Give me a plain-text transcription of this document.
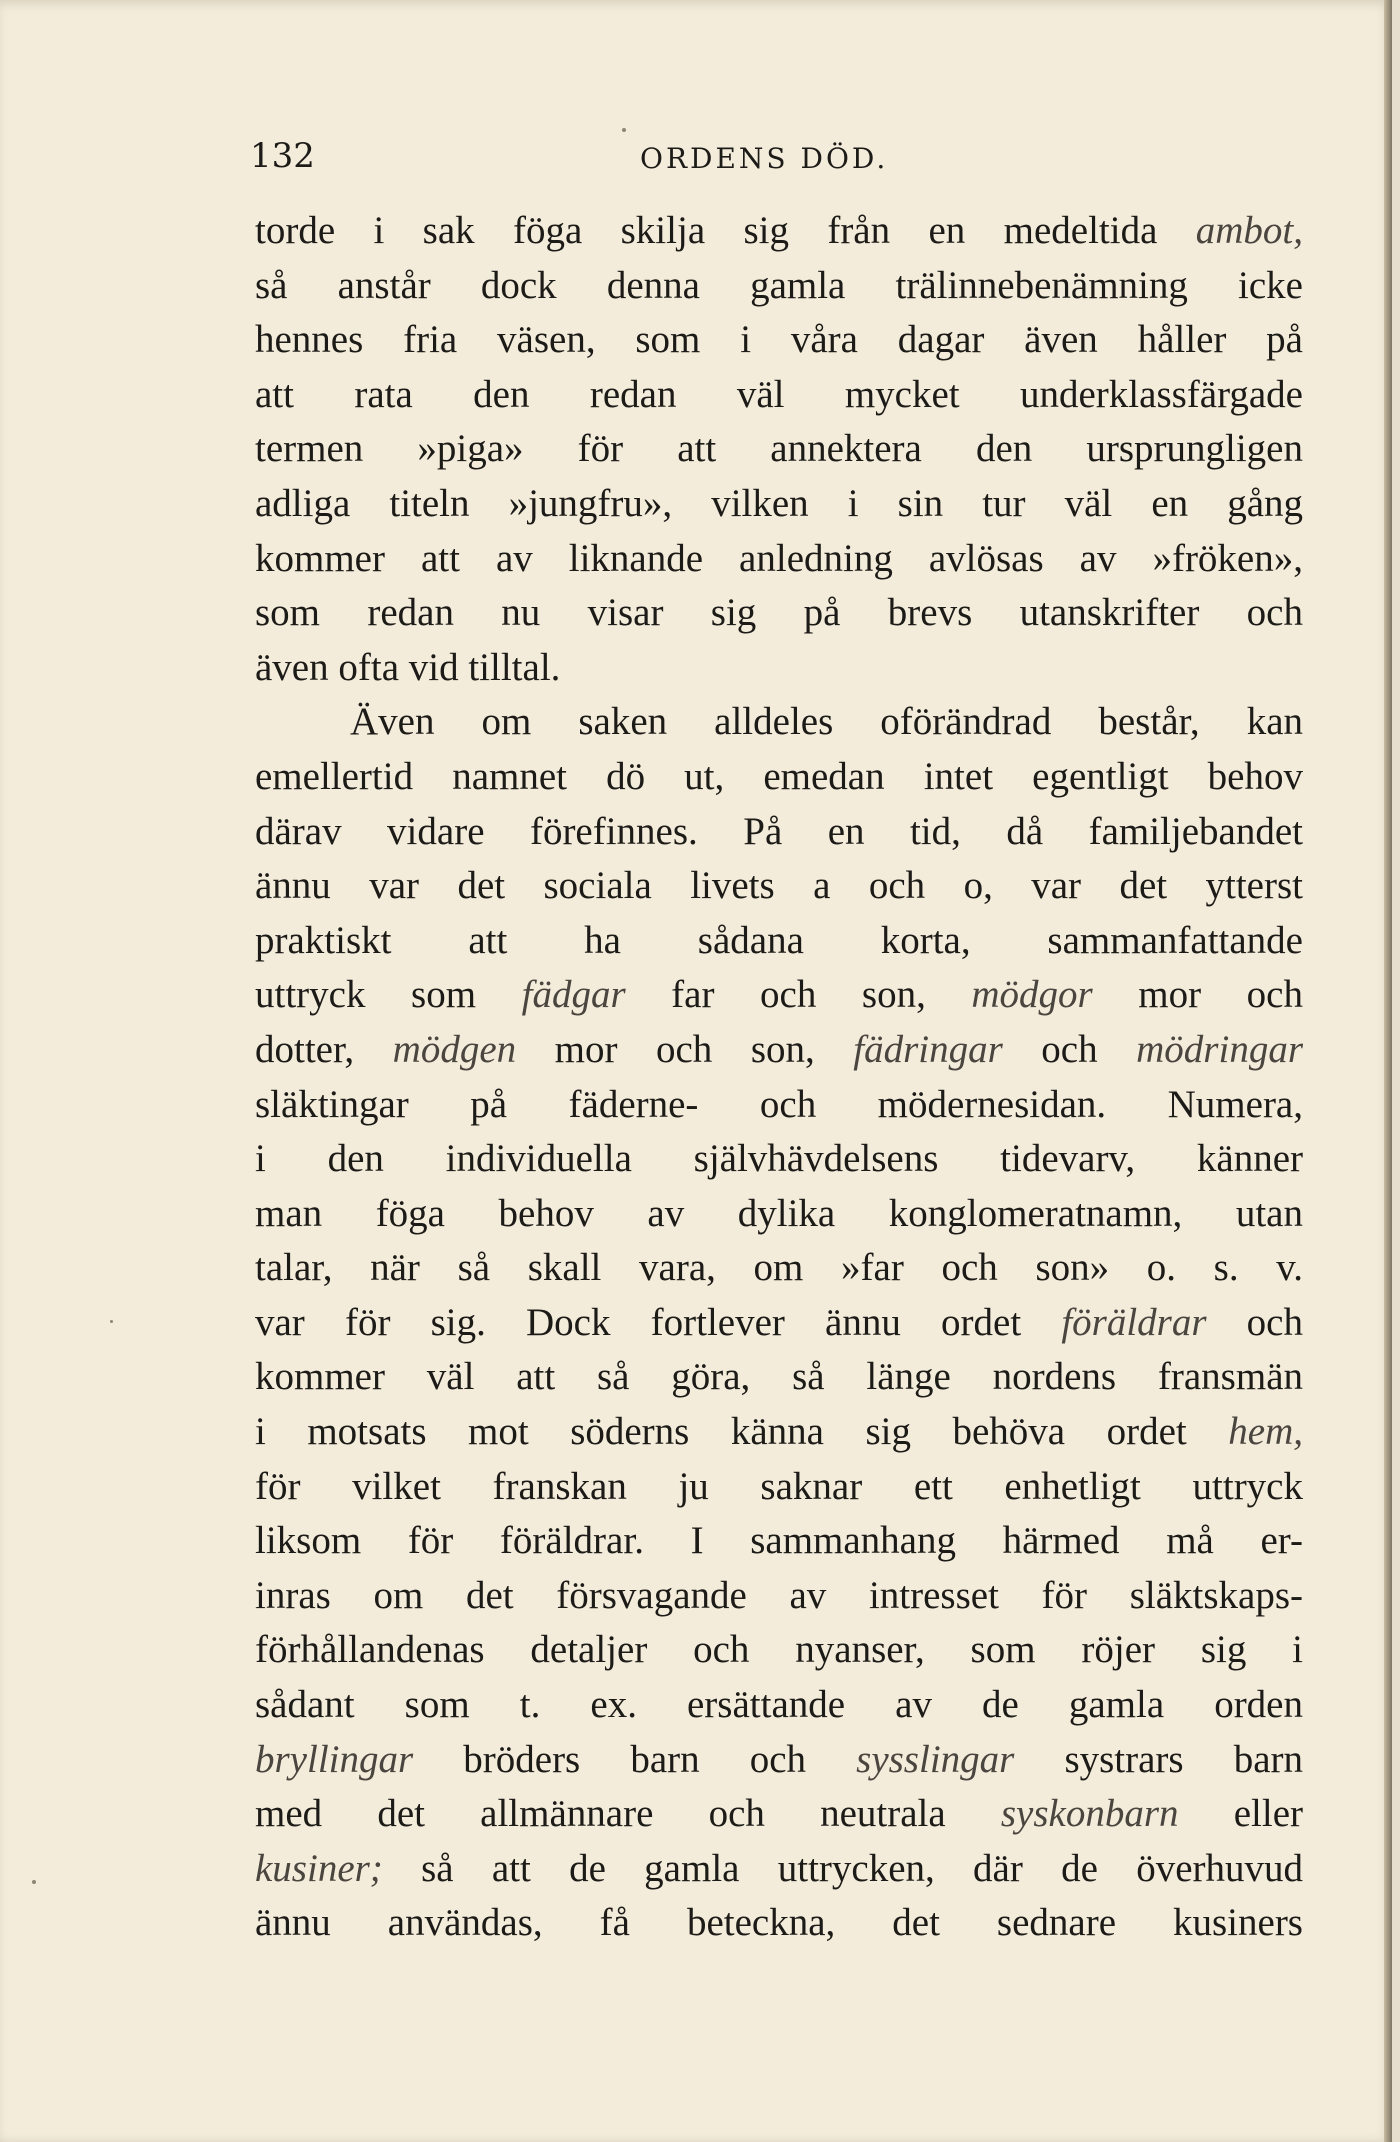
132	ORDENS DÖD.
torde i sak föga skilja sig från en medeltida ambot,
så anstår dock denna gamla trälinnebenämning icke
hennes fria väsen, som i våra dagar även håller på
att rata den redan väl mycket underklassfärgade
termen »piga» för att annektera den ursprungligen
adliga titeln »jungfru», vilken i sin tur väl en gång
kommer att av liknande anledning avlösas av »fröken»,
som redan nu visar sig på brevs utanskrifter och
även ofta vid tilltal.
Även om saken alldeles oförändrad består, kan
emellertid namnet dö ut, emedan intet egentligt behov
därav vidare förefinnes. På en tid, då familjebandet
ännu var det sociala livets a och o, var det ytterst
praktiskt att ha sådana korta, sammanfattande
uttryck som fädgar far och son, mödgor mor och
dotter, mödgen mor och son, fädringar och mödringar
släktingar på fäderne- och mödernesidan. Numera,
i den individuella självhävdelsens tidevarv, känner
man föga behov av dylika konglomeratnamn, utan
talar, när så skall vara, om »far och son» o. s. v.
var för sig. Dock fortlever ännu ordet föräldrar och
kommer väl att så göra, så länge nordens fransmän
i motsats mot söderns känna sig behöva ordet hem,
för vilket franskan ju saknar ett enhetligt uttryck
liksom för föräldrar. I sammanhang härmed må er-
inras om det försvagande av intresset för släktskaps-
förhållandenas detaljer och nyanser, som röjer sig i
sådant som t. ex. ersättande av de gamla orden
bryllingar bröders barn och sysslingar systrars barn
med det allmännare och neutrala syskonbarn eller
kusiner; så att de gamla uttrycken, där de överhuvud
ännu användas, få beteckna, det sednare kusiners
